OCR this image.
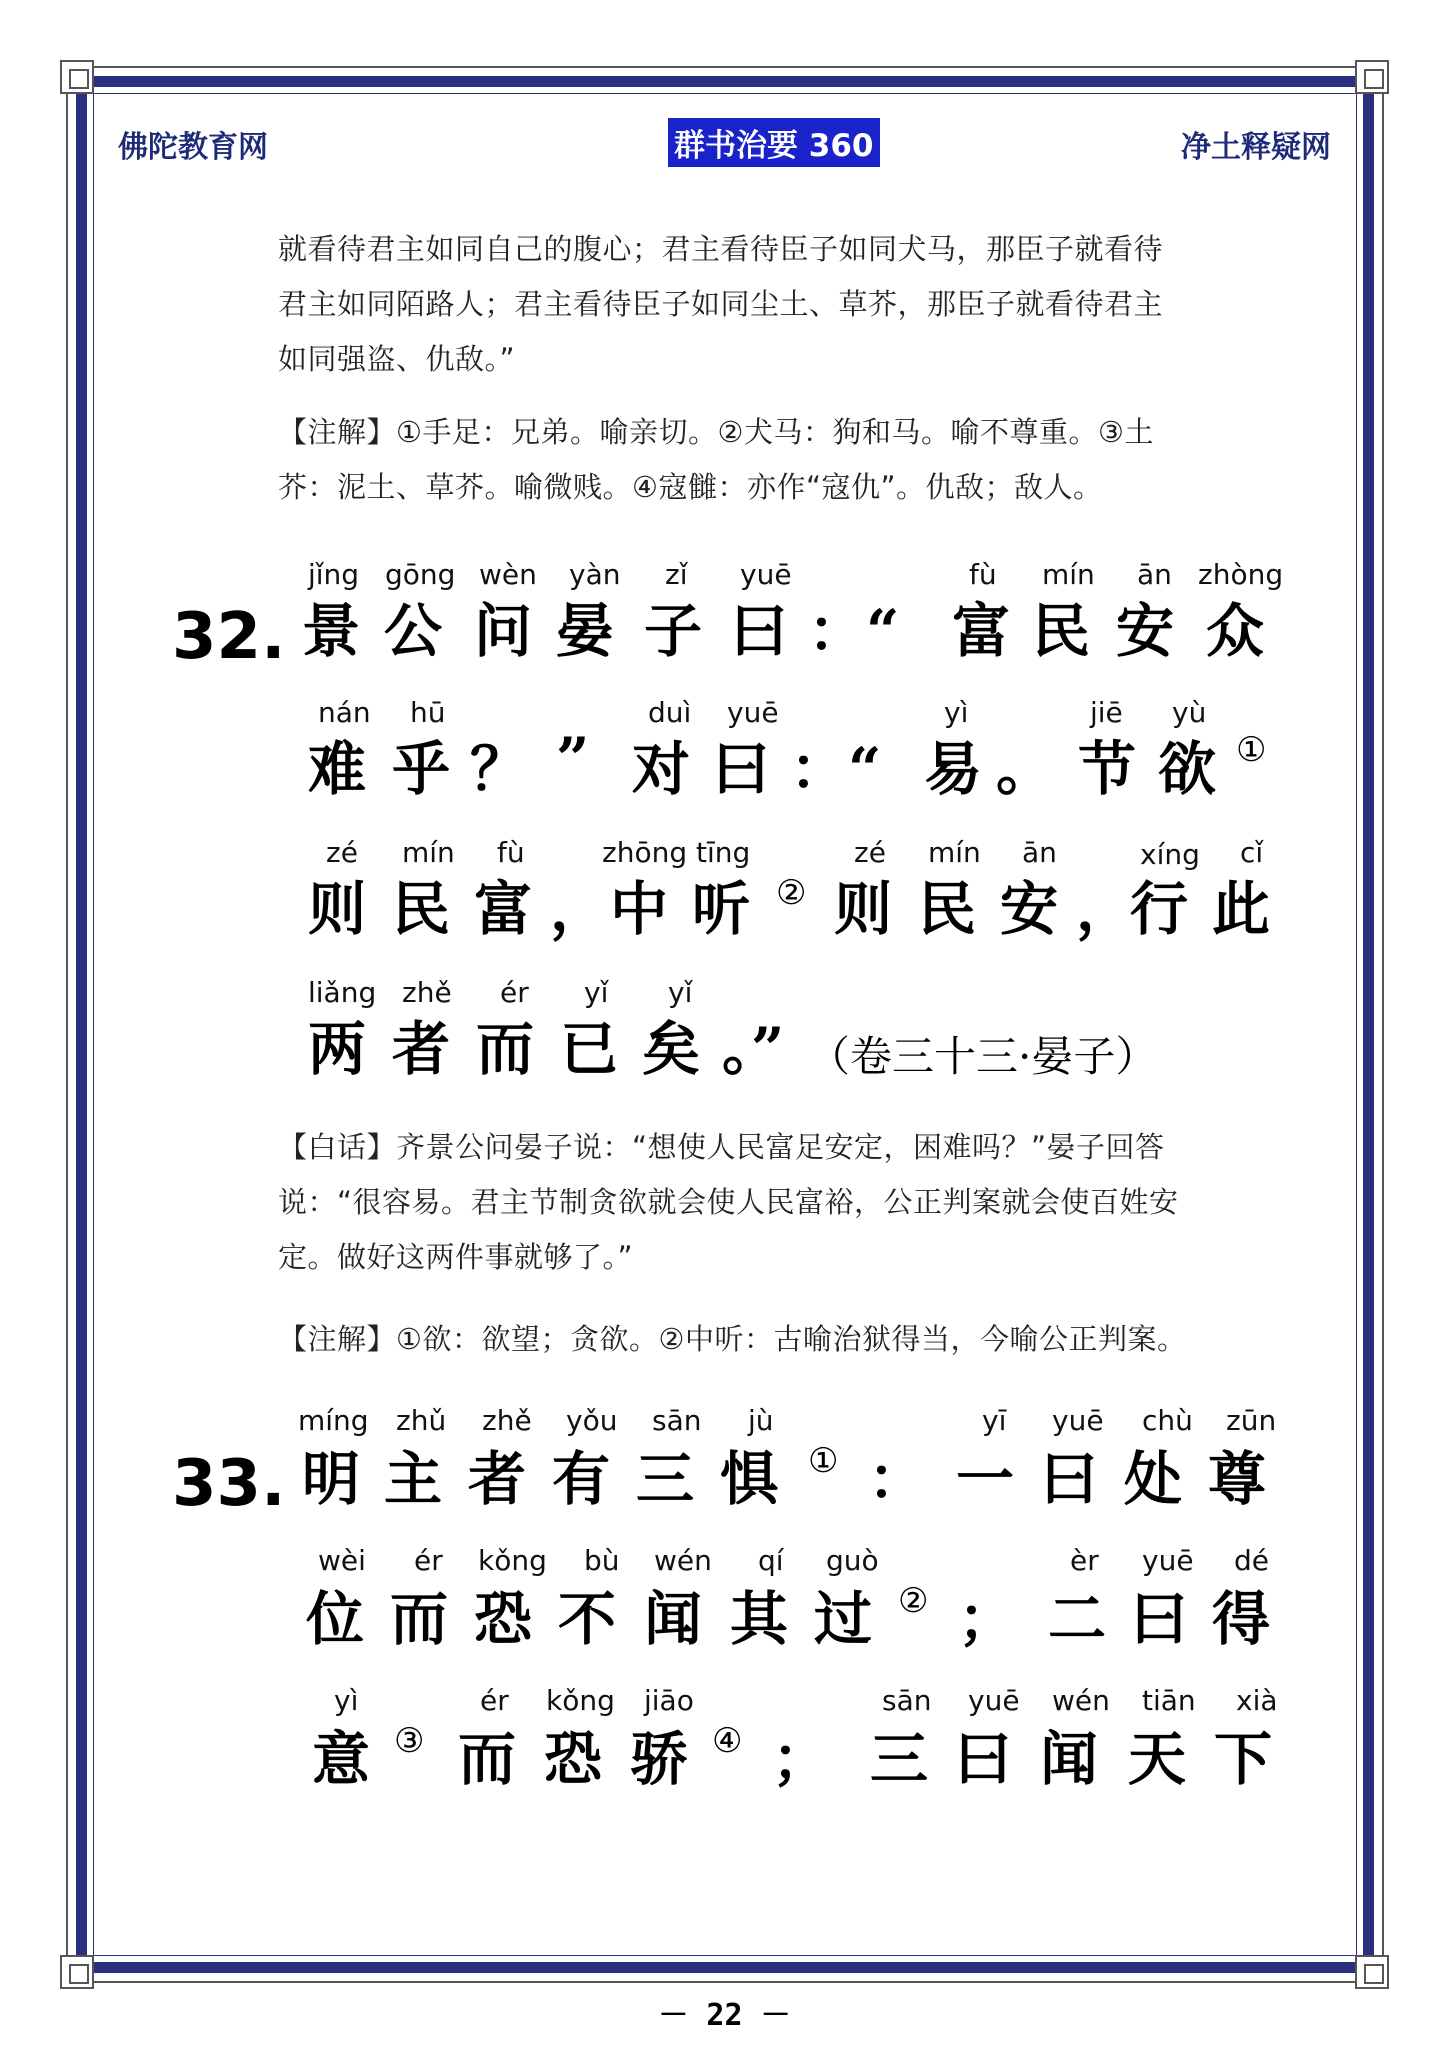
佛陀教育网	群书治要 360	净土释疑网
就看待君主如同自己的腹心；君主看待臣子如同犬马，那臣子就看待
君主如同陌路人；君主看待臣子如同尘土、草芥，那臣子就看待君主
如同强盗、仇敌。”
【注解】①手足：兄弟。喻亲切。②犬马：狗和马。喻不尊重。③土
芥：泥土、草芥。喻微贱。④寇雠：亦作“寇仇”。仇敌；敌人。
32.
jǐng gōng wèn yàn zǐ yuē	fù mín ān zhòng
景 公 问 晏 子 曰 ：“ 富 民 安 众
nán hū	duì yuē	yì	jiē yù
难 乎 ？ ” 对 曰 ：“ 易 。 节 欲 ①
zé mín fù	zhōng tīng	zé mín ān	xíng cǐ
则 民 富 ， 中 听 ② 则 民 安 ，
行 此
liǎng zhě ér yǐ yǐ
两 者 而 已 矣 。” （卷三十三·晏子）
【白话】齐景公问晏子说：“想使人民富足安定，困难吗？”晏子回答
说：“很容易。君主节制贪欲就会使人民富裕，公正判案就会使百姓安
定。做好这两件事就够了。”
【注解】①欲：欲望；贪欲。②中听：古喻治狱得当，今喻公正判案。
33.
míng zhǔ zhě yǒu sān jù	yī yuē chù zūn
明 主 者 有 三 惧 ① ： 一 曰 处 尊
wèi ér kǒng bù wén qí guò	èr yuē dé
位 而 恐 不 闻 其 过 ② ； 二 曰 得
yì	ér kǒng jiāo	sān yuē wén tiān xià
意 ③ 而 恐 骄 ④ ； 三 曰 闻 天 下
－ 22 －
